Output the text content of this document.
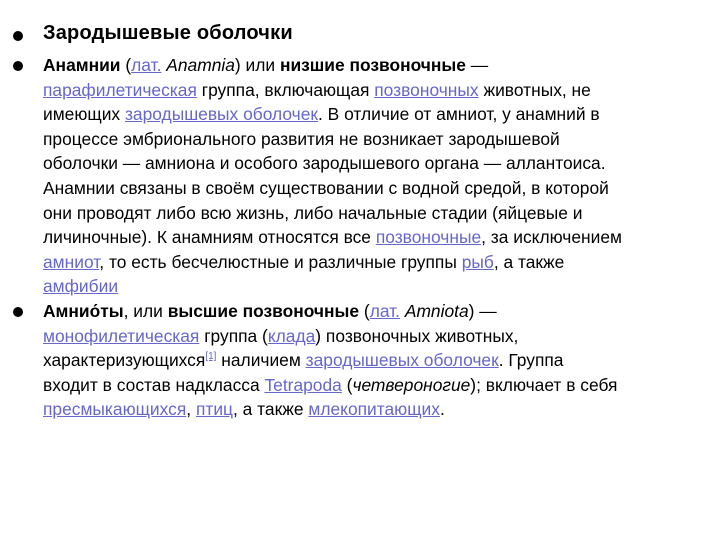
Зародышевые оболочки
Анамнии (лат. Anamnia) или низшие позвоночные —
парафилетическая группа, включающая позвоночных животных, не
имеющих зародышевых оболочек. В отличие от амниот, у анамний в
процессе эмбрионального развития не возникает зародышевой
оболочки — амниона и особого зародышевого органа — аллантоиса.
Анамнии связаны в своём существовании с водной средой, в которой
они проводят либо всю жизнь, либо начальные стадии (яйцевые и
личиночные). К анамниям относятся все позвоночные, за исключением
амниот, то есть бесчелюстные и различные группы рыб, а также
амфибии
Амнио́ты, или высшие позвоночные (лат. Amniota) —
монофилетическая группа (клада) позвоночных животных,
характеризующихся[1] наличием зародышевых оболочек. Группа
входит в состав надкласса Tetrapoda (четвероногие); включает в себя
пресмыкающихся, птиц, а также млекопитающих.
